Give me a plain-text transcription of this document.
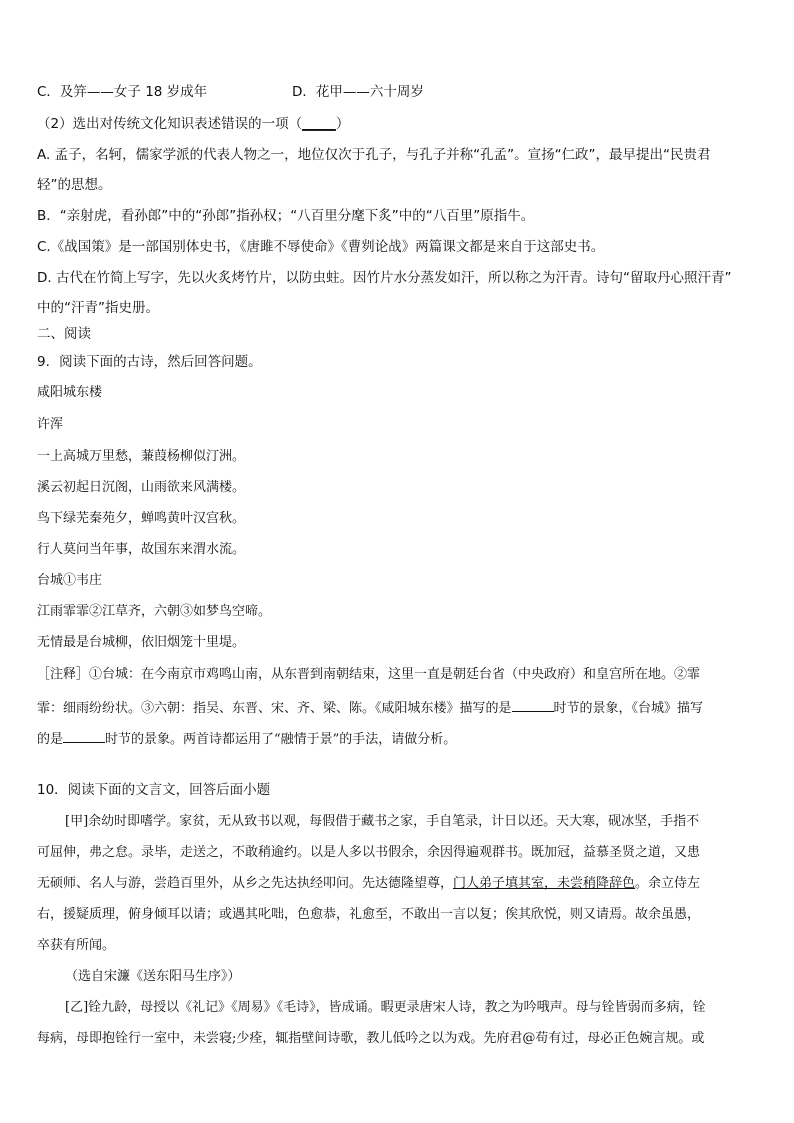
C．及笄——女子 18 岁成年	D．花甲——六十周岁
（2）选出对传统文化知识表述错误的一项（_____）
A. 孟子，名轲，儒家学派的代表人物之一，地位仅次于孔子，与孔子并称“孔孟”。宣扬“仁政”，最早提出“民贵君
轻”的思想。
B．“亲射虎，看孙郎”中的“孙郎”指孙权；“八百里分麾下炙”中的“八百里”原指牛。
C.《战国策》是一部国别体史书，《唐雎不辱使命》《曹刿论战》两篇课文都是来自于这部史书。
D. 古代在竹简上写字，先以火炙烤竹片，以防虫蛀。因竹片水分蒸发如汗，所以称之为汗青。诗句“留取丹心照汗青”
中的“汗青”指史册。
二、阅读
9．阅读下面的古诗，然后回答问题。
咸阳城东楼
许浑
一上高城万里愁，蒹葭杨柳似汀洲。
溪云初起日沉阁，山雨欲来风满楼。
鸟下绿芜秦苑夕，蝉鸣黄叶汉宫秋。
行人莫问当年事，故国东来渭水流。
台城①韦庄
江雨霏霏②江草齐，六朝③如梦鸟空啼。
无情最是台城柳，依旧烟笼十里堤。
［注释］①台城：在今南京市鸡鸣山南，从东晋到南朝结束，这里一直是朝廷台省（中央政府）和皇宫所在地。②霏
霏：细雨纷纷状。③六朝：指吴、东晋、宋、齐、梁、陈。《咸阳城东楼》描写的是	时节的景象，《台城》描写
的是	时节的景象。两首诗都运用了“融情于景”的手法，请做分析。
10．阅读下面的文言文，回答后面小题
[甲]余幼时即嗜学。家贫，无从致书以观，每假借于藏书之家，手自笔录，计日以还。天大寒，砚冰坚，手指不
可屈伸，弗之怠。录毕，走送之，不敢稍逾约。以是人多以书假余，余因得遍观群书。既加冠，益慕圣贤之道，又患
无硕师、名人与游，尝趋百里外，从乡之先达执经叩问。先达德隆望尊，门人弟子填其室，未尝稍降辞色。余立侍左
右，援疑质理，俯身倾耳以请；或遇其叱咄，色愈恭，礼愈至，不敢出一言以复；俟其欣悦，则又请焉。故余虽愚，
卒获有所闻。
（选自宋濂《送东阳马生序》）
[乙]铨九龄，母授以《礼记》《周易》《毛诗》，皆成诵。暇更录唐宋人诗，教之为吟哦声。母与铨皆弱而多病，铨
每病，母即抱铨行一室中，未尝寝;少痊，辄指壁间诗歌，教儿低吟之以为戏。先府君@苟有过，母必正色婉言规。或
